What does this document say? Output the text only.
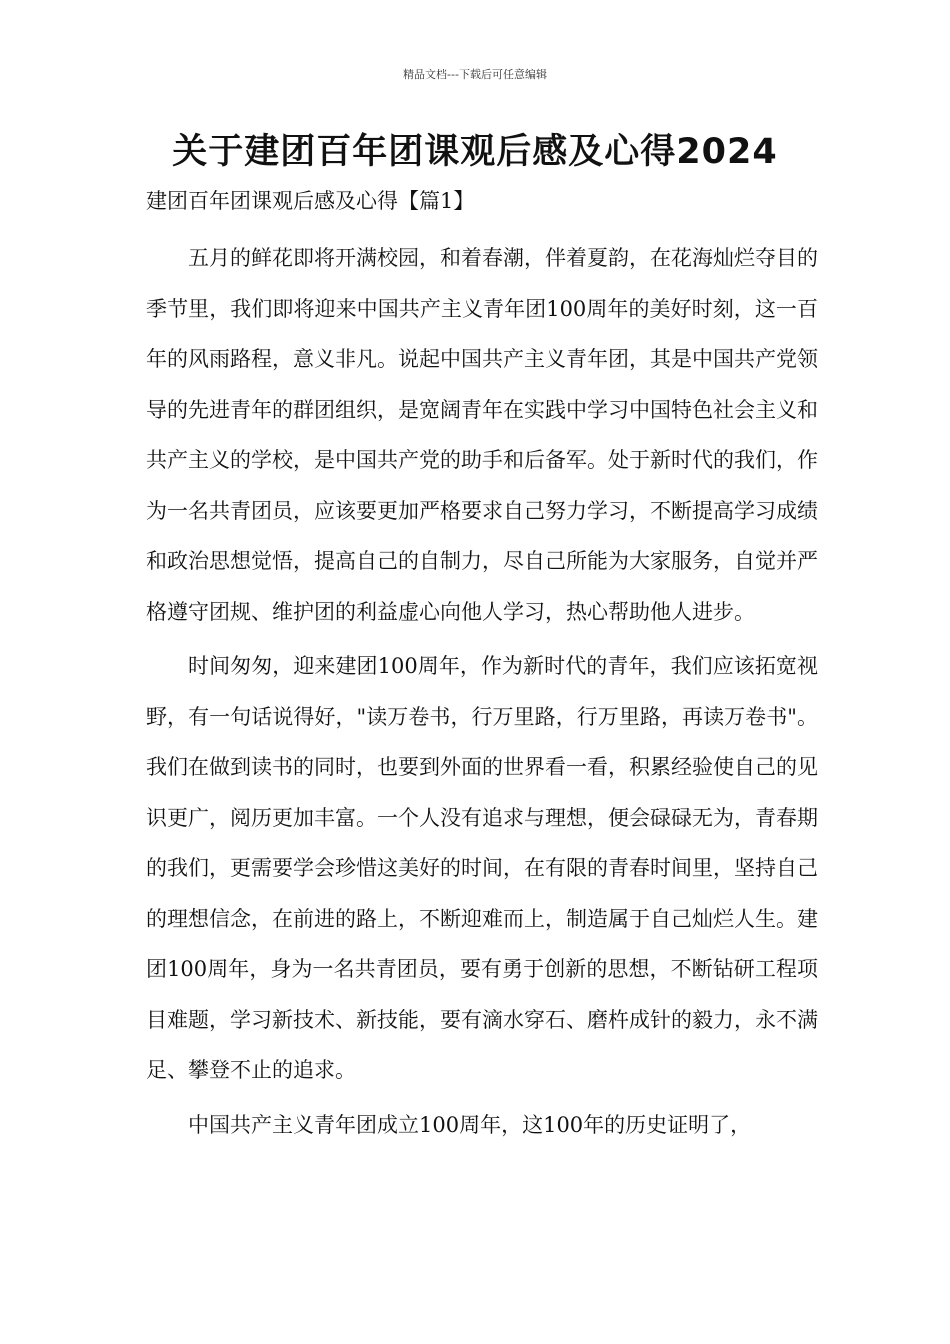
精品文档---下载后可任意编辑
关于建团百年团课观后感及心得2024
建团百年团课观后感及心得【篇1】

五月的鲜花即将开满校园，和着春潮，伴着夏韵，在花海灿烂夺目的季节里，我们即将迎来中国共产主义青年团100周年的美好时刻，这一百年的风雨路程，意义非凡。说起中国共产主义青年团，其是中国共产党领导的先进青年的群团组织，是宽阔青年在实践中学习中国特色社会主义和共产主义的学校，是中国共产党的助手和后备军。处于新时代的我们，作为一名共青团员，应该要更加严格要求自己努力学习，不断提高学习成绩和政治思想觉悟，提高自己的自制力，尽自己所能为大家服务，自觉并严格遵守团规、维护团的利益虚心向他人学习，热心帮助他人进步。

时间匆匆，迎来建团100周年，作为新时代的青年，我们应该拓宽视野，有一句话说得好，"读万卷书，行万里路，行万里路，再读万卷书"。我们在做到读书的同时，也要到外面的世界看一看，积累经验使自己的见识更广，阅历更加丰富。一个人没有追求与理想，便会碌碌无为，青春期的我们，更需要学会珍惜这美好的时间，在有限的青春时间里，坚持自己的理想信念，在前进的路上，不断迎难而上，制造属于自己灿烂人生。建团100周年，身为一名共青团员，要有勇于创新的思想，不断钻研工程项目难题，学习新技术、新技能，要有滴水穿石、磨杵成针的毅力，永不满足、攀登不止的追求。

中国共产主义青年团成立100周年，这100年的历史证明了，
